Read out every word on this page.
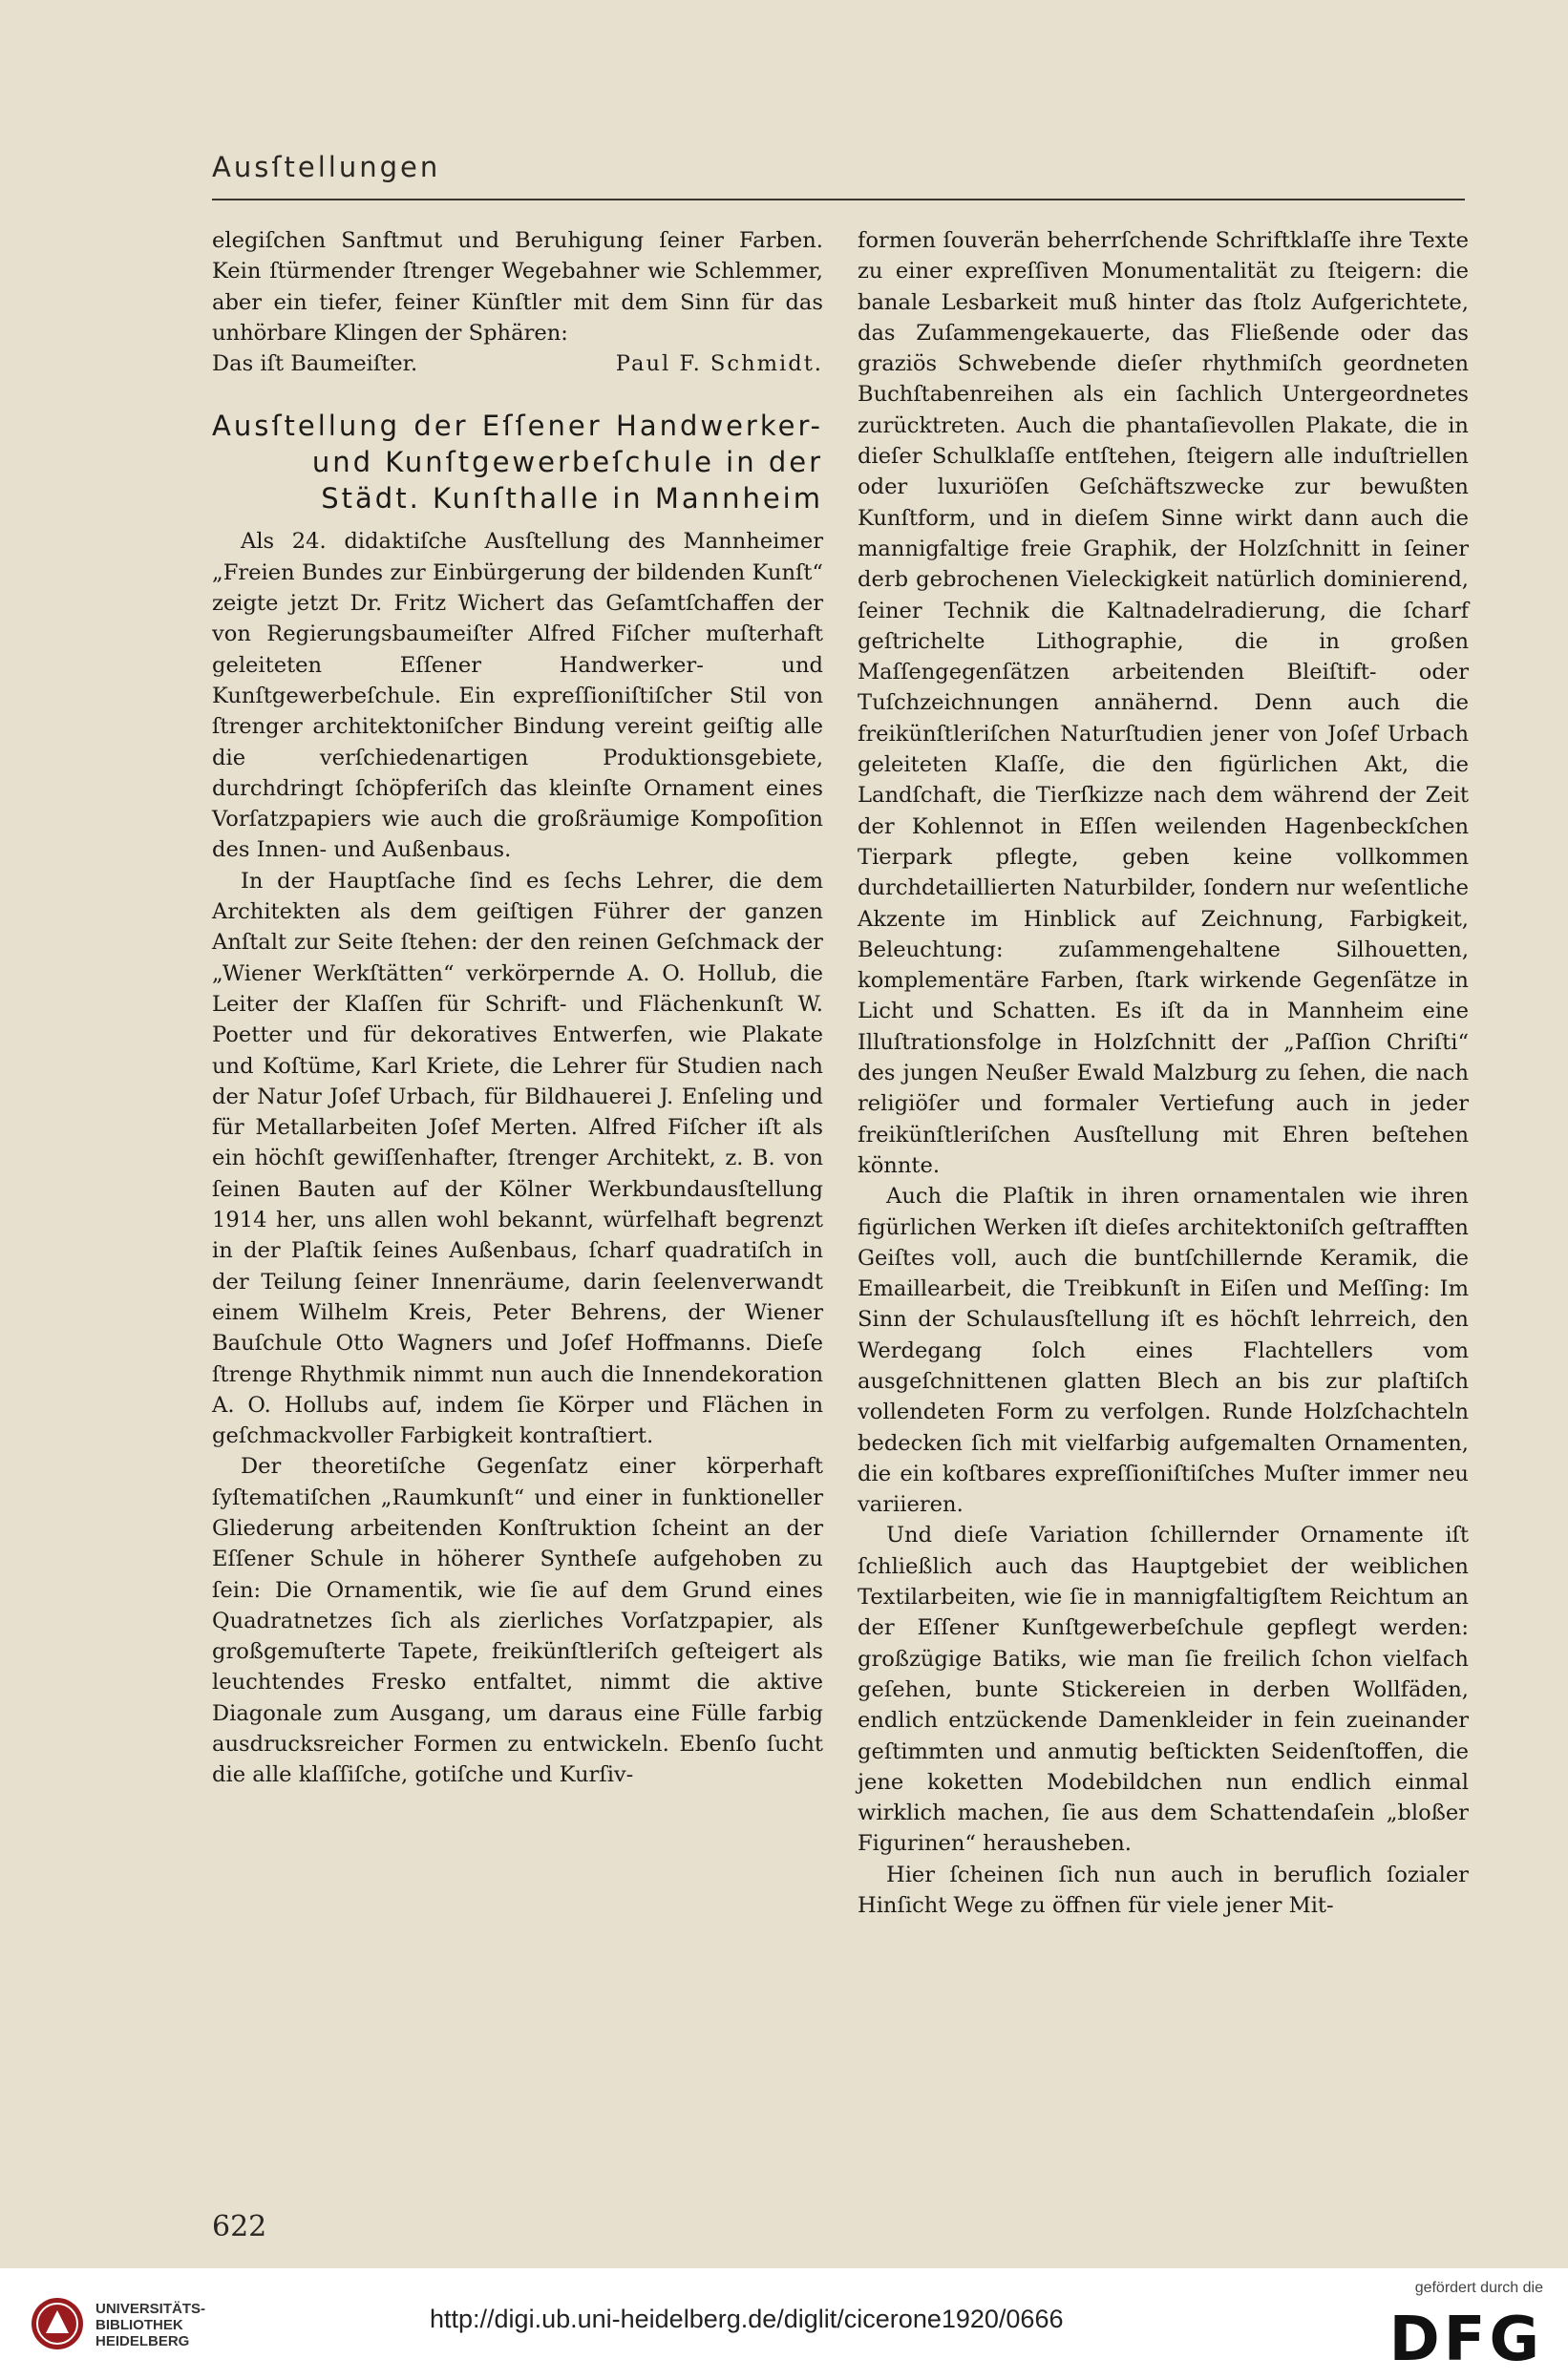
Ausſtellungen

elegiſchen Sanftmut und Beruhigung ſeiner Farben. Kein ſtürmender ſtrenger Wegebahner wie Schlemmer, aber ein tiefer, feiner Künſtler mit dem Sinn für das unhörbare Klingen der Sphären:

Das iſt Baumeiſter.	Paul F. Schmidt.
Ausſtellung der Eſſener Handwerker-
und Kunſtgewerbeſchule in der
Städt. Kunſthalle in Mannheim

Als 24. didaktiſche Ausſtellung des Mannheimer „Freien Bundes zur Einbürgerung der bildenden Kunſt“ zeigte jetzt Dr. Fritz Wichert das Geſamtſchaffen der von Regierungsbaumeiſter Alfred Fiſcher muſterhaft geleiteten Eſſener Handwerker- und Kunſtgewerbeſchule. Ein expreſſioniſtiſcher Stil von ſtrenger architektoniſcher Bindung vereint geiſtig alle die verſchiedenartigen Produktionsgebiete, durchdringt ſchöpferiſch das kleinſte Ornament eines Vorſatzpapiers wie auch die großräumige Kompoſition des Innen- und Außenbaus.

In der Hauptſache ſind es ſechs Lehrer, die dem Architekten als dem geiſtigen Führer der ganzen Anſtalt zur Seite ſtehen: der den reinen Geſchmack der „Wiener Werkſtätten“ verkörpernde A. O. Hollub, die Leiter der Klaſſen für Schrift- und Flächenkunſt W. Poetter und für dekoratives Entwerfen, wie Plakate und Koſtüme, Karl Kriete, die Lehrer für Studien nach der Natur Joſef Urbach, für Bildhauerei J. Enſeling und für Metallarbeiten Joſef Merten. Alfred Fiſcher iſt als ein höchſt gewiſſenhafter, ſtrenger Architekt, z. B. von ſeinen Bauten auf der Kölner Werkbundausſtellung 1914 her, uns allen wohl bekannt, würfelhaft begrenzt in der Plaſtik ſeines Außenbaus, ſcharf quadratiſch in der Teilung ſeiner Innenräume, darin ſeelenverwandt einem Wilhelm Kreis, Peter Behrens, der Wiener Bauſchule Otto Wagners und Joſef Hoffmanns. Dieſe ſtrenge Rhythmik nimmt nun auch die Innendekoration A. O. Hollubs auf, indem ſie Körper und Flächen in geſchmackvoller Farbigkeit kontraſtiert.

Der theoretiſche Gegenſatz einer körperhaft ſyſtematiſchen „Raumkunſt“ und einer in funktioneller Gliederung arbeitenden Konſtruktion ſcheint an der Eſſener Schule in höherer Syntheſe aufgehoben zu ſein: Die Ornamentik, wie ſie auf dem Grund eines Quadratnetzes ſich als zierliches Vorſatzpapier, als großgemuſterte Tapete, freikünſtleriſch geſteigert als leuchtendes Fresko entfaltet, nimmt die aktive Diagonale zum Ausgang, um daraus eine Fülle farbig ausdrucksreicher Formen zu entwickeln. Ebenſo ſucht die alle klaſſiſche, gotiſche und Kurſiv-

formen ſouverän beherrſchende Schriftklaſſe ihre Texte zu einer expreſſiven Monumentalität zu ſteigern: die banale Lesbarkeit muß hinter das ſtolz Aufgerichtete, das Zuſammengekauerte, das Fließende oder das graziös Schwebende dieſer rhythmiſch geordneten Buchſtabenreihen als ein ſachlich Untergeordnetes zurücktreten. Auch die phantaſievollen Plakate, die in dieſer Schulklaſſe entſtehen, ſteigern alle induſtriellen oder luxuriöſen Geſchäftszwecke zur bewußten Kunſtform, und in dieſem Sinne wirkt dann auch die mannigfaltige freie Graphik, der Holzſchnitt in ſeiner derb gebrochenen Vieleckigkeit natürlich dominierend, ſeiner Technik die Kaltnadelradierung, die ſcharf geſtrichelte Lithographie, die in großen Maſſengegenſätzen arbeitenden Bleiſtift- oder Tuſchzeichnungen annähernd. Denn auch die freikünſtleriſchen Naturſtudien jener von Joſef Urbach geleiteten Klaſſe, die den figürlichen Akt, die Landſchaft, die Tierſkizze nach dem während der Zeit der Kohlennot in Eſſen weilenden Hagenbeckſchen Tierpark pflegte, geben keine vollkommen durchdetaillierten Naturbilder, ſondern nur weſentliche Akzente im Hinblick auf Zeichnung, Farbigkeit, Beleuchtung: zuſammengehaltene Silhouetten, komplementäre Farben, ſtark wirkende Gegenſätze in Licht und Schatten. Es iſt da in Mannheim eine Illuſtrationsfolge in Holzſchnitt der „Paſſion Chriſti“ des jungen Neußer Ewald Malzburg zu ſehen, die nach religiöſer und formaler Vertiefung auch in jeder freikünſtleriſchen Ausſtellung mit Ehren beſtehen könnte.

Auch die Plaſtik in ihren ornamentalen wie ihren figürlichen Werken iſt dieſes architektoniſch geſtrafften Geiſtes voll, auch die buntſchillernde Keramik, die Emaillearbeit, die Treibkunſt in Eiſen und Meſſing: Im Sinn der Schulausſtellung iſt es höchſt lehrreich, den Werdegang ſolch eines Flachtellers vom ausgeſchnittenen glatten Blech an bis zur plaſtiſch vollendeten Form zu verfolgen. Runde Holzſchachteln bedecken ſich mit vielfarbig aufgemalten Ornamenten, die ein koſtbares expreſſioniſtiſches Muſter immer neu variieren.

Und dieſe Variation ſchillernder Ornamente iſt ſchließlich auch das Hauptgebiet der weiblichen Textilarbeiten, wie ſie in mannigfaltigſtem Reichtum an der Eſſener Kunſtgewerbeſchule gepflegt werden: großzügige Batiks, wie man ſie freilich ſchon vielfach geſehen, bunte Stickereien in derben Wollfäden, endlich entzückende Damenkleider in fein zueinander geſtimmten und anmutig beſtickten Seidenſtoffen, die jene koketten Modebildchen nun endlich einmal wirklich machen, ſie aus dem Schattendaſein „bloßer Figurinen“ herausheben.

Hier ſcheinen ſich nun auch in beruflich ſozialer Hinſicht Wege zu öffnen für viele jener Mit-

622
UNIVERSITÄTS-
BIBLIOTHEK
HEIDELBERG
http://digi.ub.uni-heidelberg.de/diglit/cicerone1920/0666
gefördert durch die
DFG
